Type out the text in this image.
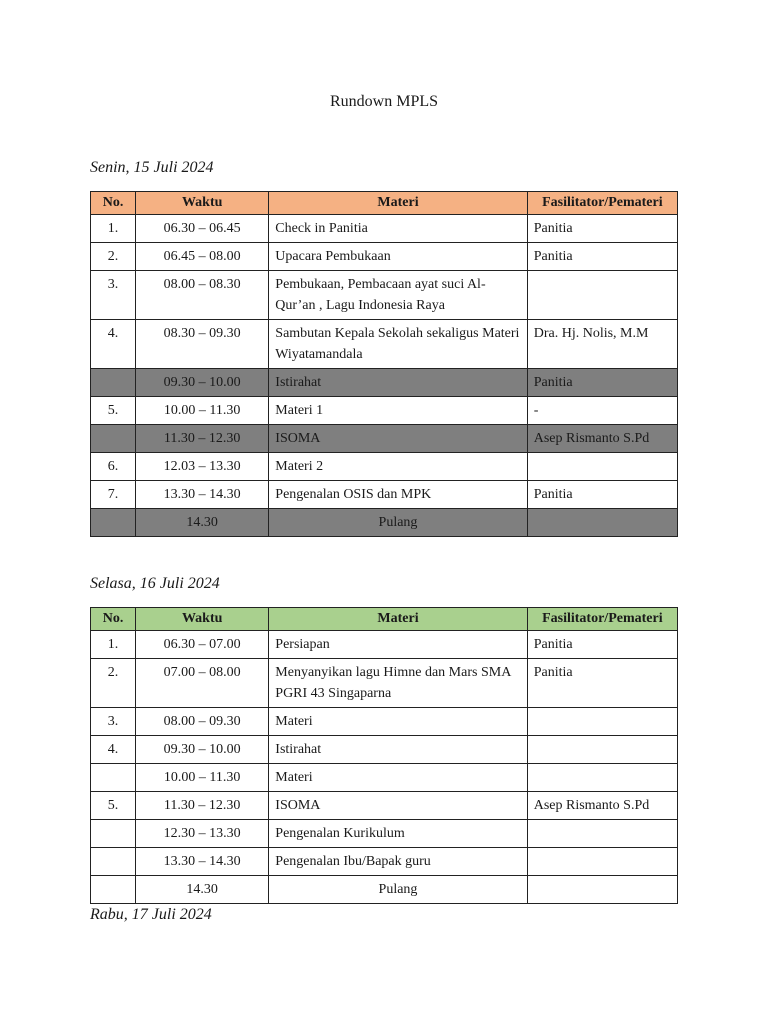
Rundown MPLS
Senin, 15 Juli 2024
No.	Waktu	Materi	Fasilitator/Pemateri
1.	06.30 – 06.45	Check in Panitia	Panitia
2.	06.45 – 08.00	Upacara Pembukaan	Panitia
3.	08.00 – 08.30	Pembukaan, Pembacaan ayat suci Al-Qur’an , Lagu Indonesia Raya	
4.	08.30 – 09.30	Sambutan Kepala Sekolah sekaligus Materi Wiyatamandala	Dra. Hj. Nolis, M.M
	09.30 – 10.00	Istirahat	Panitia
5.	10.00 – 11.30	Materi 1	-
	11.30 – 12.30	ISOMA	Asep Rismanto S.Pd
6.	12.03 – 13.30	Materi 2	
7.	13.30 – 14.30	Pengenalan OSIS dan MPK	Panitia
	14.30	Pulang	
Selasa, 16 Juli 2024
No.	Waktu	Materi	Fasilitator/Pemateri
1.	06.30 – 07.00	Persiapan	Panitia
2.	07.00 – 08.00	Menyanyikan lagu Himne dan Mars SMA PGRI 43 Singaparna	Panitia
3.	08.00 – 09.30	Materi	
4.	09.30 – 10.00	Istirahat	
	10.00 – 11.30	Materi	
5.	11.30 – 12.30	ISOMA	Asep Rismanto S.Pd
	12.30 – 13.30	Pengenalan Kurikulum	
	13.30 – 14.30	Pengenalan Ibu/Bapak guru	
	14.30	Pulang	
Rabu, 17 Juli 2024
